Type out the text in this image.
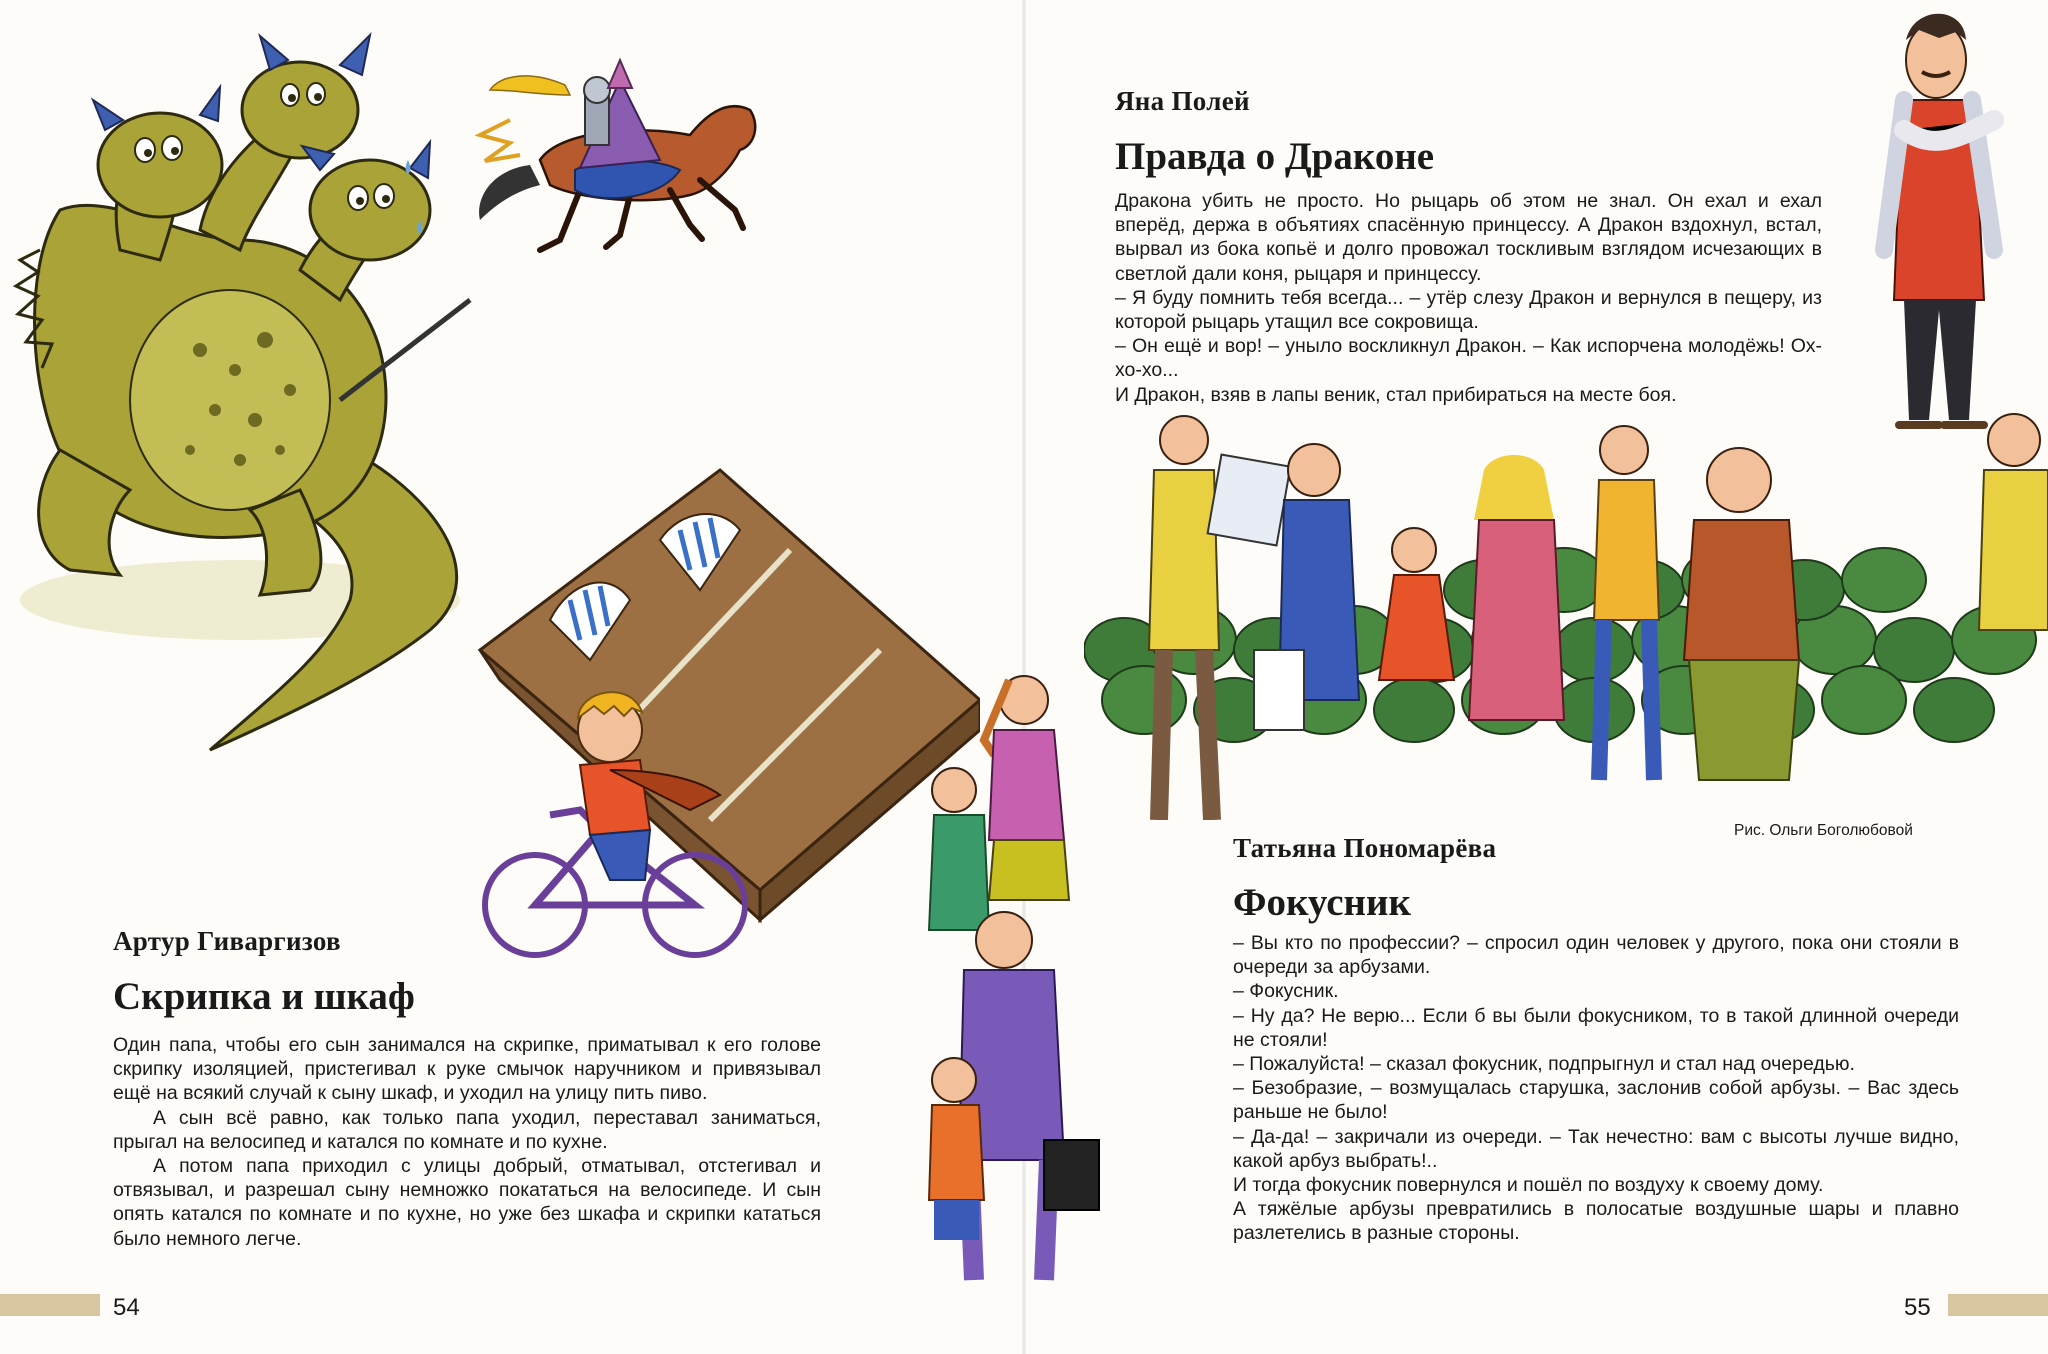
Артур Гиваргизов
Скрипка и шкаф

Один папа, чтобы его сын занимался на скрипке, приматывал к его голове скрипку изоляцией, пристегивал к руке смычок наручником и привязывал ещё на всякий случай к сыну шкаф, и уходил на улицу пить пиво.

А сын всё равно, как только папа уходил, переставал заниматься, прыгал на велосипед и катался по комнате и по кухне.

А потом папа приходил с улицы добрый, отматывал, отстегивал и отвязывал, и разрешал сыну немножко покататься на велосипеде. И сын опять катался по комнате и по кухне, но уже без шкафа и скрипки кататься было немного легче.

54
Яна Полей
Правда о Драконе

Дракона убить не просто. Но рыцарь об этом не знал. Он ехал и ехал вперёд, держа в объятиях спасённую принцессу. А Дракон вздохнул, встал, вырвал из бока копьё и долго провожал тоскливым взглядом исчезающих в светлой дали коня, рыцаря и принцессу.

– Я буду помнить тебя всегда... – утёр слезу Дракон и вернулся в пещеру, из которой рыцарь утащил все сокровища.

– Он ещё и вор! – уныло воскликнул Дракон. – Как испорчена молодёжь! Ох-хо-хо...

И Дракон, взяв в лапы веник, стал прибираться на месте боя.

Рис. Ольги Боголюбовой
Татьяна Пономарёва
Фокусник

– Вы кто по профессии? – спросил один человек у другого, пока они стояли в очереди за арбузами.

– Фокусник.

– Ну да? Не верю... Если б вы были фокусником, то в такой длинной очереди не стояли!

– Пожалуйста! – сказал фокусник, подпрыгнул и стал над очередью.

– Безобразие, – возмущалась старушка, заслонив собой арбузы. – Вас здесь раньше не было!

– Да-да! – закричали из очереди. – Так нечестно: вам с высоты лучше видно, какой арбуз выбрать!..

И тогда фокусник повернулся и пошёл по воздуху к своему дому.

А тяжёлые арбузы превратились в полосатые воздушные шары и плавно разлетелись в разные стороны.

55
